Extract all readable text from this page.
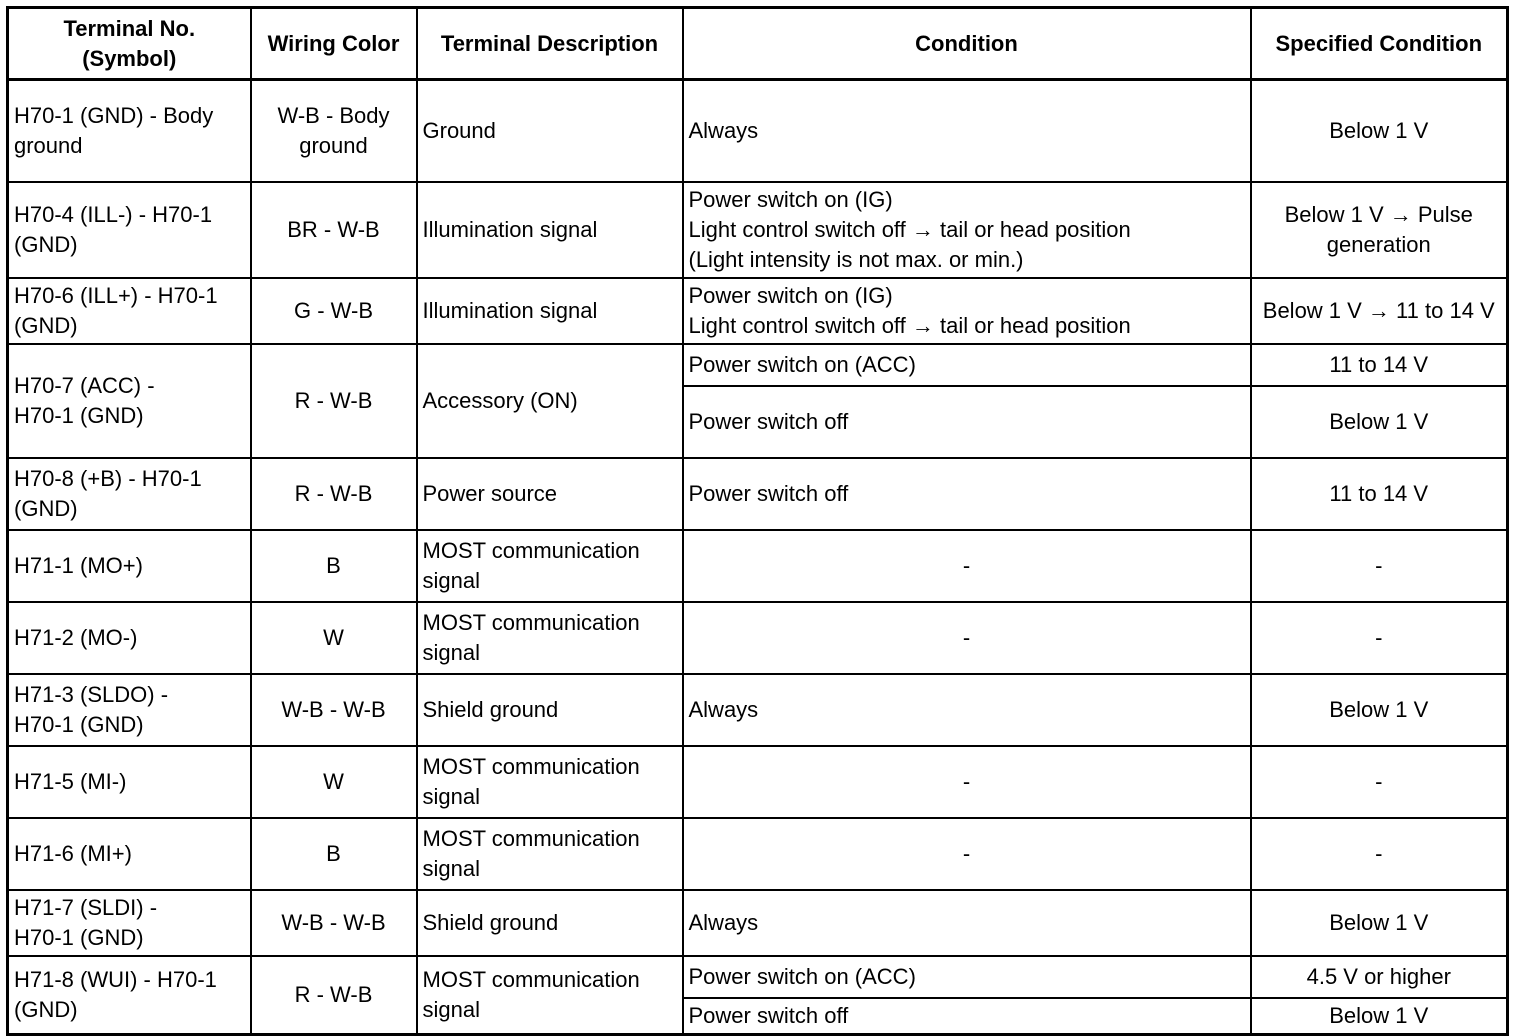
Terminal No.
(Symbol)	Wiring Color	Terminal Description	Condition	Specified Condition
H70-1 (GND) - Body ground	W-B - Body ground	Ground	Always	Below 1 V
H70-4 (ILL-) - H70-1 (GND)	BR - W-B	Illumination signal	Power switch on (IG)
Light control switch off → tail or head position
(Light intensity is not max. or min.)	Below 1 V → Pulse generation
H70-6 (ILL+) - H70-1 (GND)	G - W-B	Illumination signal	Power switch on (IG)
Light control switch off → tail or head position	Below 1 V → 11 to 14 V
H70-7 (ACC) -
H70-1 (GND)	R - W-B	Accessory (ON)	Power switch on (ACC)	11 to 14 V
			Power switch off	Below 1 V
H70-8 (+B) - H70-1 (GND)	R - W-B	Power source	Power switch off	11 to 14 V
H71-1 (MO+)	B	MOST communication signal	-	-
H71-2 (MO-)	W	MOST communication signal	-	-
H71-3 (SLDO) -
H70-1 (GND)	W-B - W-B	Shield ground	Always	Below 1 V
H71-5 (MI-)	W	MOST communication signal	-	-
H71-6 (MI+)	B	MOST communication signal	-	-
H71-7 (SLDI) -
H70-1 (GND)	W-B - W-B	Shield ground	Always	Below 1 V
H71-8 (WUI) - H70-1 (GND)	R - W-B	MOST communication signal	Power switch on (ACC)	4.5 V or higher
			Power switch off	Below 1 V
